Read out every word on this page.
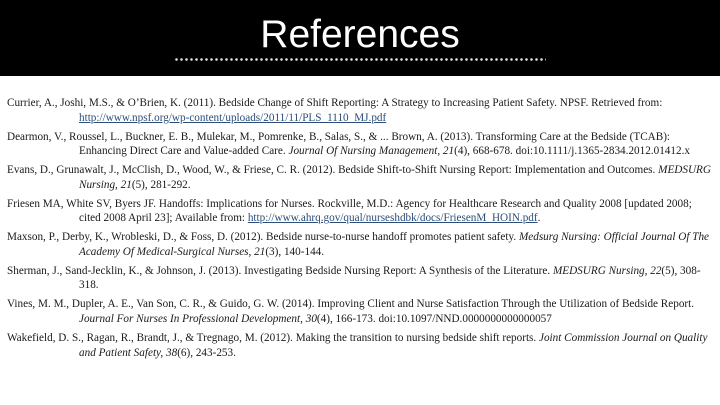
References

Currier, A., Joshi, M.S., & O’Brien, K. (2011). Bedside Change of Shift Reporting: A Strategy to Increasing Patient Safety. NPSF. Retrieved from: http://www.npsf.org/wp-content/uploads/2011/11/PLS_1110_MJ.pdf

Dearmon, V., Roussel, L., Buckner, E. B., Mulekar, M., Pomrenke, B., Salas, S., & ... Brown, A. (2013). Transforming Care at the Bedside (TCAB): Enhancing Direct Care and Value-added Care. Journal Of Nursing Management, 21(4), 668-678. doi:10.1111/j.1365-2834.2012.01412.x

Evans, D., Grunawalt, J., McClish, D., Wood, W., & Friese, C. R. (2012). Bedside Shift-to-Shift Nursing Report: Implementation and Outcomes. MEDSURG Nursing, 21(5), 281-292.

Friesen MA, White SV, Byers JF. Handoffs: Implications for Nurses. Rockville, M.D.: Agency for Healthcare Research and Quality 2008 [updated 2008; cited 2008 April 23]; Available from: http://www.ahrq.gov/qual/nurseshdbk/docs/FriesenM_HOIN.pdf.

Maxson, P., Derby, K., Wrobleski, D., & Foss, D. (2012). Bedside nurse-to-nurse handoff promotes patient safety. Medsurg Nursing: Official Journal Of The Academy Of Medical-Surgical Nurses, 21(3), 140-144.

Sherman, J., Sand-Jecklin, K., & Johnson, J. (2013). Investigating Bedside Nursing Report: A Synthesis of the Literature. MEDSURG Nursing, 22(5), 308-318.

Vines, M. M., Dupler, A. E., Van Son, C. R., & Guido, G. W. (2014). Improving Client and Nurse Satisfaction Through the Utilization of Bedside Report. Journal For Nurses In Professional Development, 30(4), 166-173. doi:10.1097/NND.0000000000000057

Wakefield, D. S., Ragan, R., Brandt, J., & Tregnago, M. (2012). Making the transition to nursing bedside shift reports. Joint Commission Journal on Quality and Patient Safety, 38(6), 243-253.
